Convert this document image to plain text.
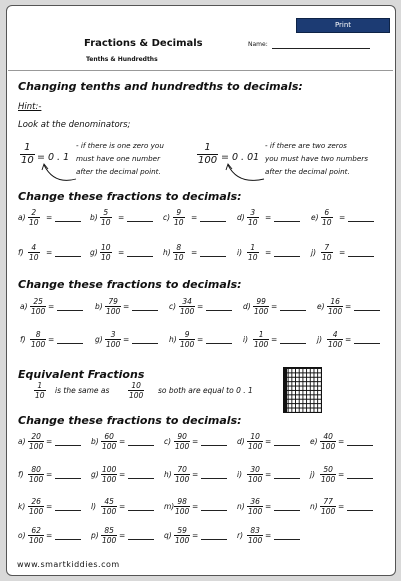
Print
Fractions & Decimals
Tenths & Hundredths
Name:
Changing tenths and hundredths to decimals:
Hint:-
Look at the denominators;
$\frac{1}{10} = 0$ . 1
- if there is one zero you
must have one number
after the decimal point.
$\frac{1}{100} = 0$ . 01
- if there are two zeros
you must have two numbers
after the decimal point.
Change these fractions to decimals:
$a) \frac{2}{10}$ =	$b) \frac{5}{10}$ =	$c) \frac{9}{10}$ =	$d) \frac{3}{10}$ =	$e) \frac{6}{10}$ =
$f) \frac{4}{10}$ =	$g) \frac{10}{10}$ =	$h) \frac{8}{10}$ =	$i) \frac{1}{10}$ =	$j) \frac{7}{10}$ =
Change these fractions to decimals:
$a) \frac{25}{100}$ =	$b) \frac{79}{100}$ =	$c) \frac{34}{100}$ =	$d) \frac{99}{100}$ =	$e) \frac{16}{100}$ =
$f) \frac{8}{100}$ =	$g) \frac{3}{100}$ =	$h) \frac{9}{100}$ =	$i) \frac{1}{100}$ =	$j) \frac{4}{100}$ =
Equivalent Fractions
$\frac{1}{10}$ is the same as $\frac{10}{100}$ so both are equal to 0 . 1
Change these fractions to decimals:
$a) \frac{20}{100}$ =	$b) \frac{60}{100}$ =	$c) \frac{90}{100}$ =	$d) \frac{10}{100}$ =	$e) \frac{40}{100}$ =
$f) \frac{80}{100}$ =	$g) \frac{100}{100}$ =	$h) \frac{70}{100}$ =	$i) \frac{30}{100}$ =	$j) \frac{50}{100}$ =
$k) \frac{26}{100}$ =	$l) \frac{45}{100}$ =	$m) \frac{98}{100}$ =	$n) \frac{36}{100}$ =	$n) \frac{77}{100}$ =
$o) \frac{62}{100}$ =	$p) \frac{85}{100}$ =	$q) \frac{59}{100}$ =	$r) \frac{83}{100}$ =
www.smartkiddies.com
